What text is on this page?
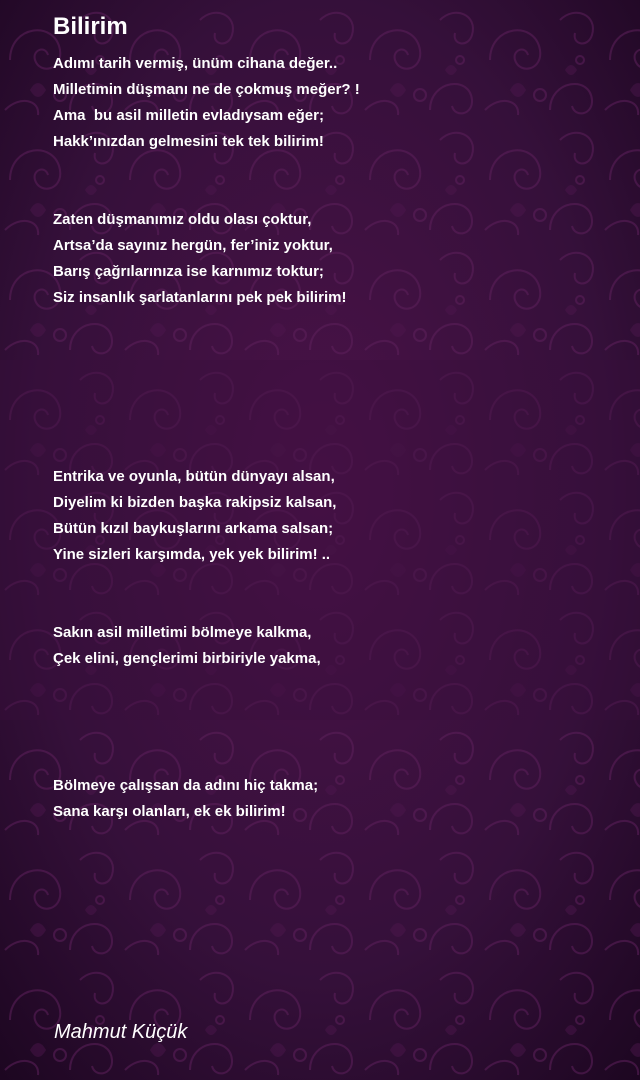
Bilirim

Adımı tarih vermiş, ünüm cihana değer..

Milletimin düşmanı ne de çokmuş meğer? !

Ama  bu asil milletin evladıysam eğer;

Hakk’ınızdan gelmesini tek tek bilirim!

Zaten düşmanımız oldu olası çoktur,

Artsa’da sayınız hergün, fer’iniz yoktur,

Barış çağrılarınıza ise karnımız toktur;

Siz insanlık şarlatanlarını pek pek bilirim!

Entrika ve oyunla, bütün dünyayı alsan,

Diyelim ki bizden başka rakipsiz kalsan,

Bütün kızıl baykuşlarını arkama salsan;

Yine sizleri karşımda, yek yek bilirim! ..

Sakın asil milletimi bölmeye kalkma,

Çek elini, gençlerimi birbiriyle yakma,

Bölmeye çalışsan da adını hiç takma;

Sana karşı olanları, ek ek bilirim!

Mahmut Küçük
